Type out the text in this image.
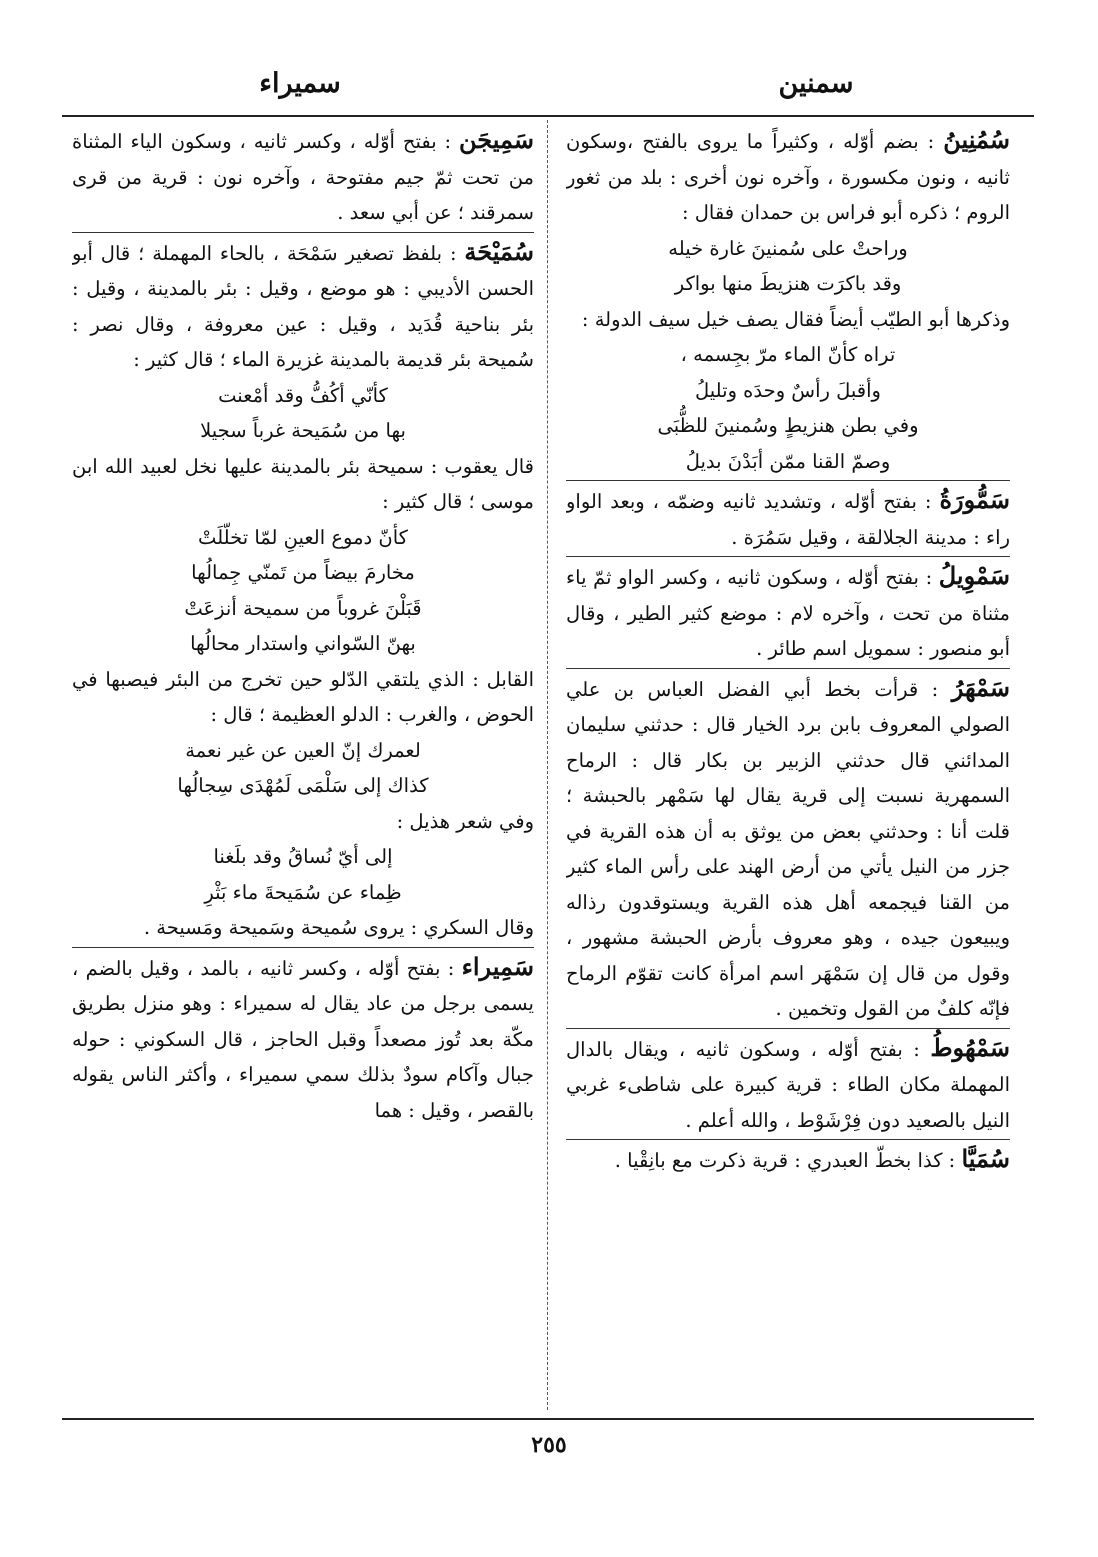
سمنين
سميراء

سُمُنِينُ : بضم أوّله ، وكثيراً ما يروى بالفتح ،وسكون ثانيه ، ونون مكسورة ، وآخره نون أخرى : بلد من ثغور الروم ؛ ذكره أبو فراس بن حمدان فقال :

وراحتْ على سُمنينَ غارة خيله
وقد باكرَت هنزيطَ منها بواكر

وذكرها أبو الطيّب أيضاً فقال يصف خيل سيف الدولة :

تراه كأنّ الماء مرّ بجِسمه ،
وأقبلَ رأسٌ وحدَه وتليلُ
وفي بطن هنزيطٍ وسُمنينَ للظُّبَى
وصمّ القنا ممّن أبَدْنَ بديلُ

سَمُّورَةُ : بفتح أوّله ، وتشديد ثانيه وضمّه ، وبعد الواو راء : مدينة الجلالقة ، وقيل سَمُرَة .

سَمْوِيلُ : بفتح أوّله ، وسكون ثانيه ، وكسر الواو ثمّ ياء مثناة من تحت ، وآخره لام : موضع كثير الطير ، وقال أبو منصور : سمويل اسم طائر .

سَمْهَرُ : قرأت بخط أبي الفضل العباس بن علي الصولي المعروف بابن برد الخيار قال : حدثني سليمان المدائني قال حدثني الزبير بن بكار قال : الرماح السمهرية نسبت إلى قرية يقال لها سَمْهر بالحبشة ؛ قلت أنا : وحدثني بعض من يوثق به أن هذه القرية في جزر من النيل يأتي من أرض الهند على رأس الماء كثير من القنا فيجمعه أهل هذه القرية ويستوقدون رذاله ويبيعون جيده ، وهو معروف بأرض الحبشة مشهور ، وقول من قال إن سَمْهَر اسم امرأة كانت تقوّم الرماح فإنّه كلفٌ من القول وتخمين .

سَمْهُوطُ : بفتح أوّله ، وسكون ثانيه ، ويقال بالدال المهملة مكان الطاء : قرية كبيرة على شاطىء غربي النيل بالصعيد دون فِرْشَوْط ، والله أعلم .

سُمَيَّا : كذا بخطّ العبدري : قرية ذكرت مع بانِقْيا .

سَمِيجَن : بفتح أوّله ، وكسر ثانيه ، وسكون الياء المثناة من تحت ثمّ جيم مفتوحة ، وآخره نون : قرية من قرى سمرقند ؛ عن أبي سعد .

سُمَيْحَة : بلفظ تصغير سَمْحَة ، بالحاء المهملة ؛ قال أبو الحسن الأديبي : هو موضع ، وقيل : بئر بالمدينة ، وقيل : بئر بناحية قُدَيد ، وقيل : عين معروفة ، وقال نصر : سُميحة بئر قديمة بالمدينة غزيرة الماء ؛ قال كثير :

كأنّي أكُفُّ وقد أمْعنت
بها من سُمَيحة غرباً سجيلا

قال يعقوب : سميحة بئر بالمدينة عليها نخل لعبيد الله ابن موسى ؛ قال كثير :

كأنّ دموع العينِ لمّا تخلّلَتْ
مخارمَ بيضاً من تَمنّي جِمالُها
قَبَلْنَ غروباً من سميحة أنزعَتْ
بهنّ السّواني واستدار محالُها

القابل : الذي يلتقي الدّلو حين تخرج من البئر فيصبها في الحوض ، والغرب : الدلو العظيمة ؛ قال :

لعمرك إنّ العين عن غير نعمة
كذاك إلى سَلْمَى لَمُهْدَى سِجالُها

وفي شعر هذيل :

إلى أيّ نُساقُ وقد بلَغنا
ظِماء عن سُمَيحةَ ماء بَثْرِ

وقال السكري : يروى سُميحة وسَميحة ومَسيحة .

سَمِيراء : بفتح أوّله ، وكسر ثانيه ، بالمد ، وقيل بالضم ، يسمى برجل من عاد يقال له سميراء : وهو منزل بطريق مكّة بعد تُوز مصعداً وقبل الحاجز ، قال السكوني : حوله جبال وآكام سودٌ بذلك سمي سميراء ، وأكثر الناس يقوله بالقصر ، وقيل : هما

٢٥٥
